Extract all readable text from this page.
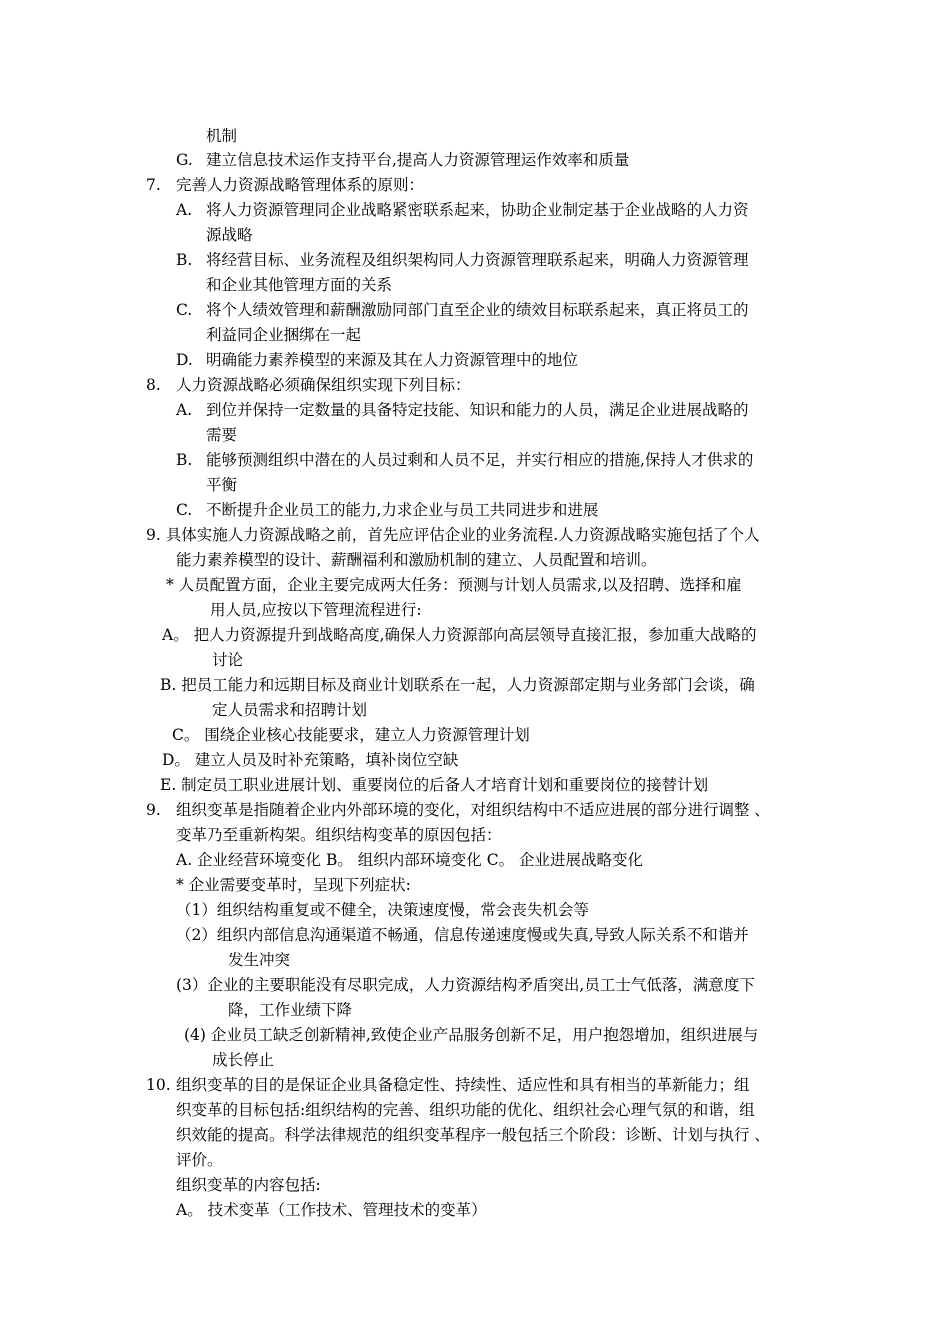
机制
G. 建立信息技术运作支持平台,提高人力资源管理运作效率和质量
7. 完善人力资源战略管理体系的原则：
A. 将人力资源管理同企业战略紧密联系起来，协助企业制定基于企业战略的人力资
源战略
B. 将经营目标、业务流程及组织架构同人力资源管理联系起来，明确人力资源管理
和企业其他管理方面的关系
C. 将个人绩效管理和薪酬激励同部门直至企业的绩效目标联系起来，真正将员工的
利益同企业捆绑在一起
D. 明确能力素养模型的来源及其在人力资源管理中的地位
8. 人力资源战略必须确保组织实现下列目标：
A. 到位并保持一定数量的具备特定技能、知识和能力的人员，满足企业进展战略的
需要
B. 能够预测组织中潜在的人员过剩和人员不足，并实行相应的措施,保持人才供求的
平衡
C. 不断提升企业员工的能力,力求企业与员工共同进步和进展
9. 具体实施人力资源战略之前，首先应评估企业的业务流程.人力资源战略实施包括了个人
能力素养模型的设计、薪酬福利和激励机制的建立、人员配置和培训。
* 人员配置方面，企业主要完成两大任务：预测与计划人员需求,以及招聘、选择和雇
用人员,应按以下管理流程进行:
A。 把人力资源提升到战略高度,确保人力资源部向高层领导直接汇报，参加重大战略的
讨论
B. 把员工能力和远期目标及商业计划联系在一起，人力资源部定期与业务部门会谈，确
定人员需求和招聘计划
C。 围绕企业核心技能要求，建立人力资源管理计划
D。 建立人员及时补充策略，填补岗位空缺
E. 制定员工职业进展计划、重要岗位的后备人才培育计划和重要岗位的接替计划
9. 组织变革是指随着企业内外部环境的变化，对组织结构中不适应进展的部分进行调整 、
变革乃至重新构架。组织结构变革的原因包括：
A. 企业经营环境变化 B。 组织内部环境变化 C。 企业进展战略变化
* 企业需要变革时，呈现下列症状:
（1）组织结构重复或不健全，决策速度慢，常会丧失机会等
（2）组织内部信息沟通渠道不畅通，信息传递速度慢或失真,导致人际关系不和谐并
发生冲突
(3）企业的主要职能没有尽职完成，人力资源结构矛盾突出,员工士气低落，满意度下
降，工作业绩下降
(4) 企业员工缺乏创新精神,致使企业产品服务创新不足，用户抱怨增加，组织进展与
成长停止
10. 组织变革的目的是保证企业具备稳定性、持续性、适应性和具有相当的革新能力；组
织变革的目标包括:组织结构的完善、组织功能的优化、组织社会心理气氛的和谐，组
织效能的提高。科学法律规范的组织变革程序一般包括三个阶段：诊断、计划与执行 、
评价。
组织变革的内容包括:
A。 技术变革（工作技术、管理技术的变革）
